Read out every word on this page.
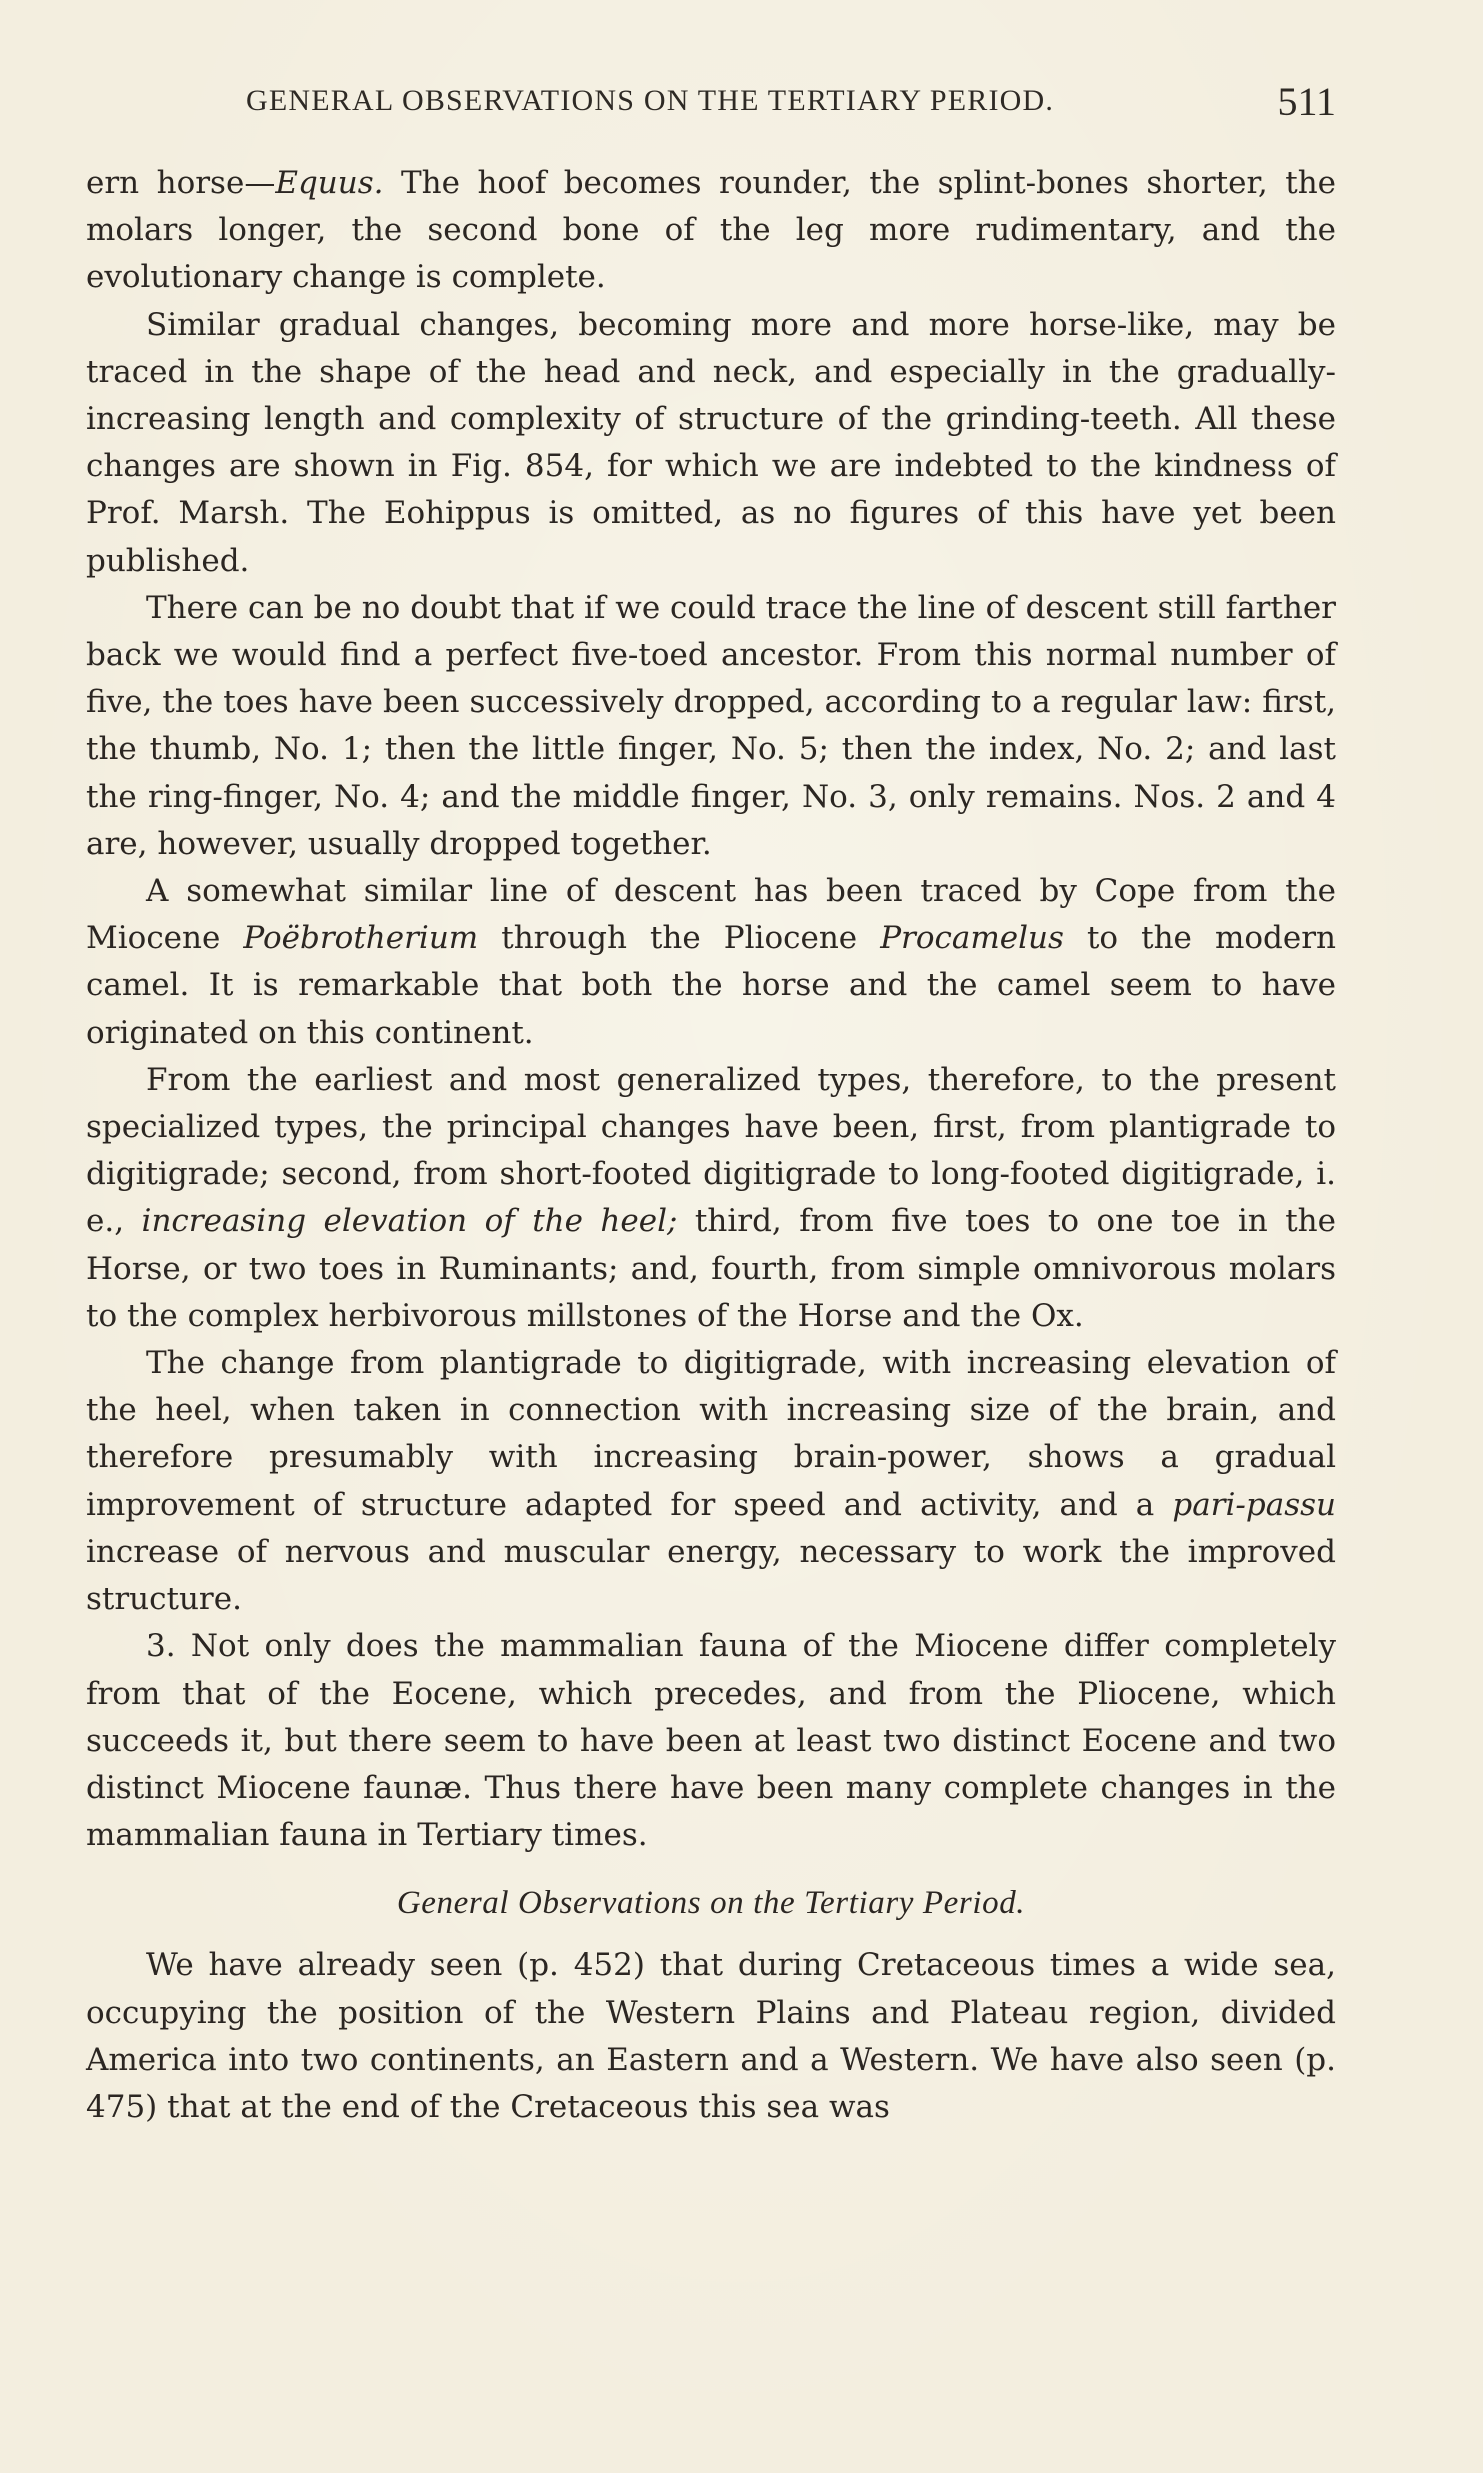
GENERAL OBSERVATIONS ON THE TERTIARY PERIOD.	511

ern horse—Equus. The hoof becomes rounder, the splint-bones shorter, the molars longer, the second bone of the leg more rudimentary, and the evolutionary change is complete.

Similar gradual changes, becoming more and more horse-like, may be traced in the shape of the head and neck, and especially in the gradually-increasing length and complexity of structure of the grinding-teeth. All these changes are shown in Fig. 854, for which we are indebted to the kindness of Prof. Marsh. The Eohippus is omitted, as no figures of this have yet been published.

There can be no doubt that if we could trace the line of descent still farther back we would find a perfect five-toed ancestor. From this normal number of five, the toes have been successively dropped, according to a regular law: first, the thumb, No. 1; then the little finger, No. 5; then the index, No. 2; and last the ring-finger, No. 4; and the middle finger, No. 3, only remains. Nos. 2 and 4 are, however, usually dropped together.

A somewhat similar line of descent has been traced by Cope from the Miocene Poëbrotherium through the Pliocene Procamelus to the modern camel. It is remarkable that both the horse and the camel seem to have originated on this continent.

From the earliest and most generalized types, therefore, to the present specialized types, the principal changes have been, first, from plantigrade to digitigrade; second, from short-footed digitigrade to long-footed digitigrade, i. e., increasing elevation of the heel; third, from five toes to one toe in the Horse, or two toes in Ruminants; and, fourth, from simple omnivorous molars to the complex herbivorous millstones of the Horse and the Ox.

The change from plantigrade to digitigrade, with increasing elevation of the heel, when taken in connection with increasing size of the brain, and therefore presumably with increasing brain-power, shows a gradual improvement of structure adapted for speed and activity, and a pari-passu increase of nervous and muscular energy, necessary to work the improved structure.

3. Not only does the mammalian fauna of the Miocene differ completely from that of the Eocene, which precedes, and from the Pliocene, which succeeds it, but there seem to have been at least two distinct Eocene and two distinct Miocene faunæ. Thus there have been many complete changes in the mammalian fauna in Tertiary times.

General Observations on the Tertiary Period.

We have already seen (p. 452) that during Cretaceous times a wide sea, occupying the position of the Western Plains and Plateau region, divided America into two continents, an Eastern and a Western. We have also seen (p. 475) that at the end of the Cretaceous this sea was
